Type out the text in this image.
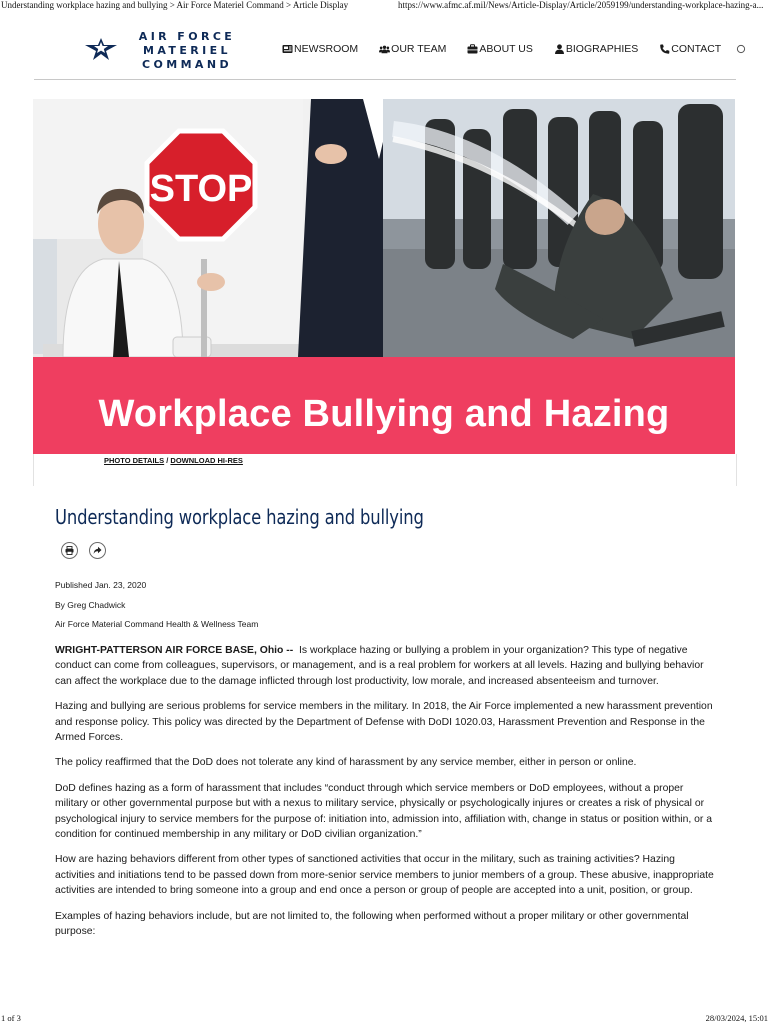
Understanding workplace hazing and bullying > Air Force Materiel Command > Article Display	https://www.afmc.af.mil/News/Article-Display/Article/2059199/understanding-workplace-hazing-a...
AIR FORCE
MATERIEL
COMMAND
NEWSROOM	OUR TEAM	ABOUT US	BIOGRAPHIES	CONTACT
STOP
Workplace Bullying and Hazing
PHOTO DETAILS / DOWNLOAD HI-RES
Understanding workplace hazing and bullying
Published Jan. 23, 2020
By Greg Chadwick
Air Force Material Command Health & Wellness Team

WRIGHT-PATTERSON AIR FORCE BASE, Ohio -- Is workplace hazing or bullying a problem in your organization? This type of negative conduct can come from colleagues, supervisors, or management, and is a real problem for workers at all levels. Hazing and bullying behavior can affect the workplace due to the damage inflicted through lost productivity, low morale, and increased absenteeism and turnover.

Hazing and bullying are serious problems for service members in the military. In 2018, the Air Force implemented a new harassment prevention and response policy. This policy was directed by the Department of Defense with DoDI 1020.03, Harassment Prevention and Response in the Armed Forces.

The policy reaffirmed that the DoD does not tolerate any kind of harassment by any service member, either in person or online.

DoD defines hazing as a form of harassment that includes “conduct through which service members or DoD employees, without a proper military or other governmental purpose but with a nexus to military service, physically or psychologically injures or creates a risk of physical or psychological injury to service members for the purpose of: initiation into, admission into, affiliation with, change in status or position within, or a condition for continued membership in any military or DoD civilian organization.”

How are hazing behaviors different from other types of sanctioned activities that occur in the military, such as training activities? Hazing activities and initiations tend to be passed down from more-senior service members to junior members of a group. These abusive, inappropriate activities are intended to bring someone into a group and end once a person or group of people are accepted into a unit, position, or group.

Examples of hazing behaviors include, but are not limited to, the following when performed without a proper military or other governmental purpose:

1 of 3	28/03/2024, 15:01
